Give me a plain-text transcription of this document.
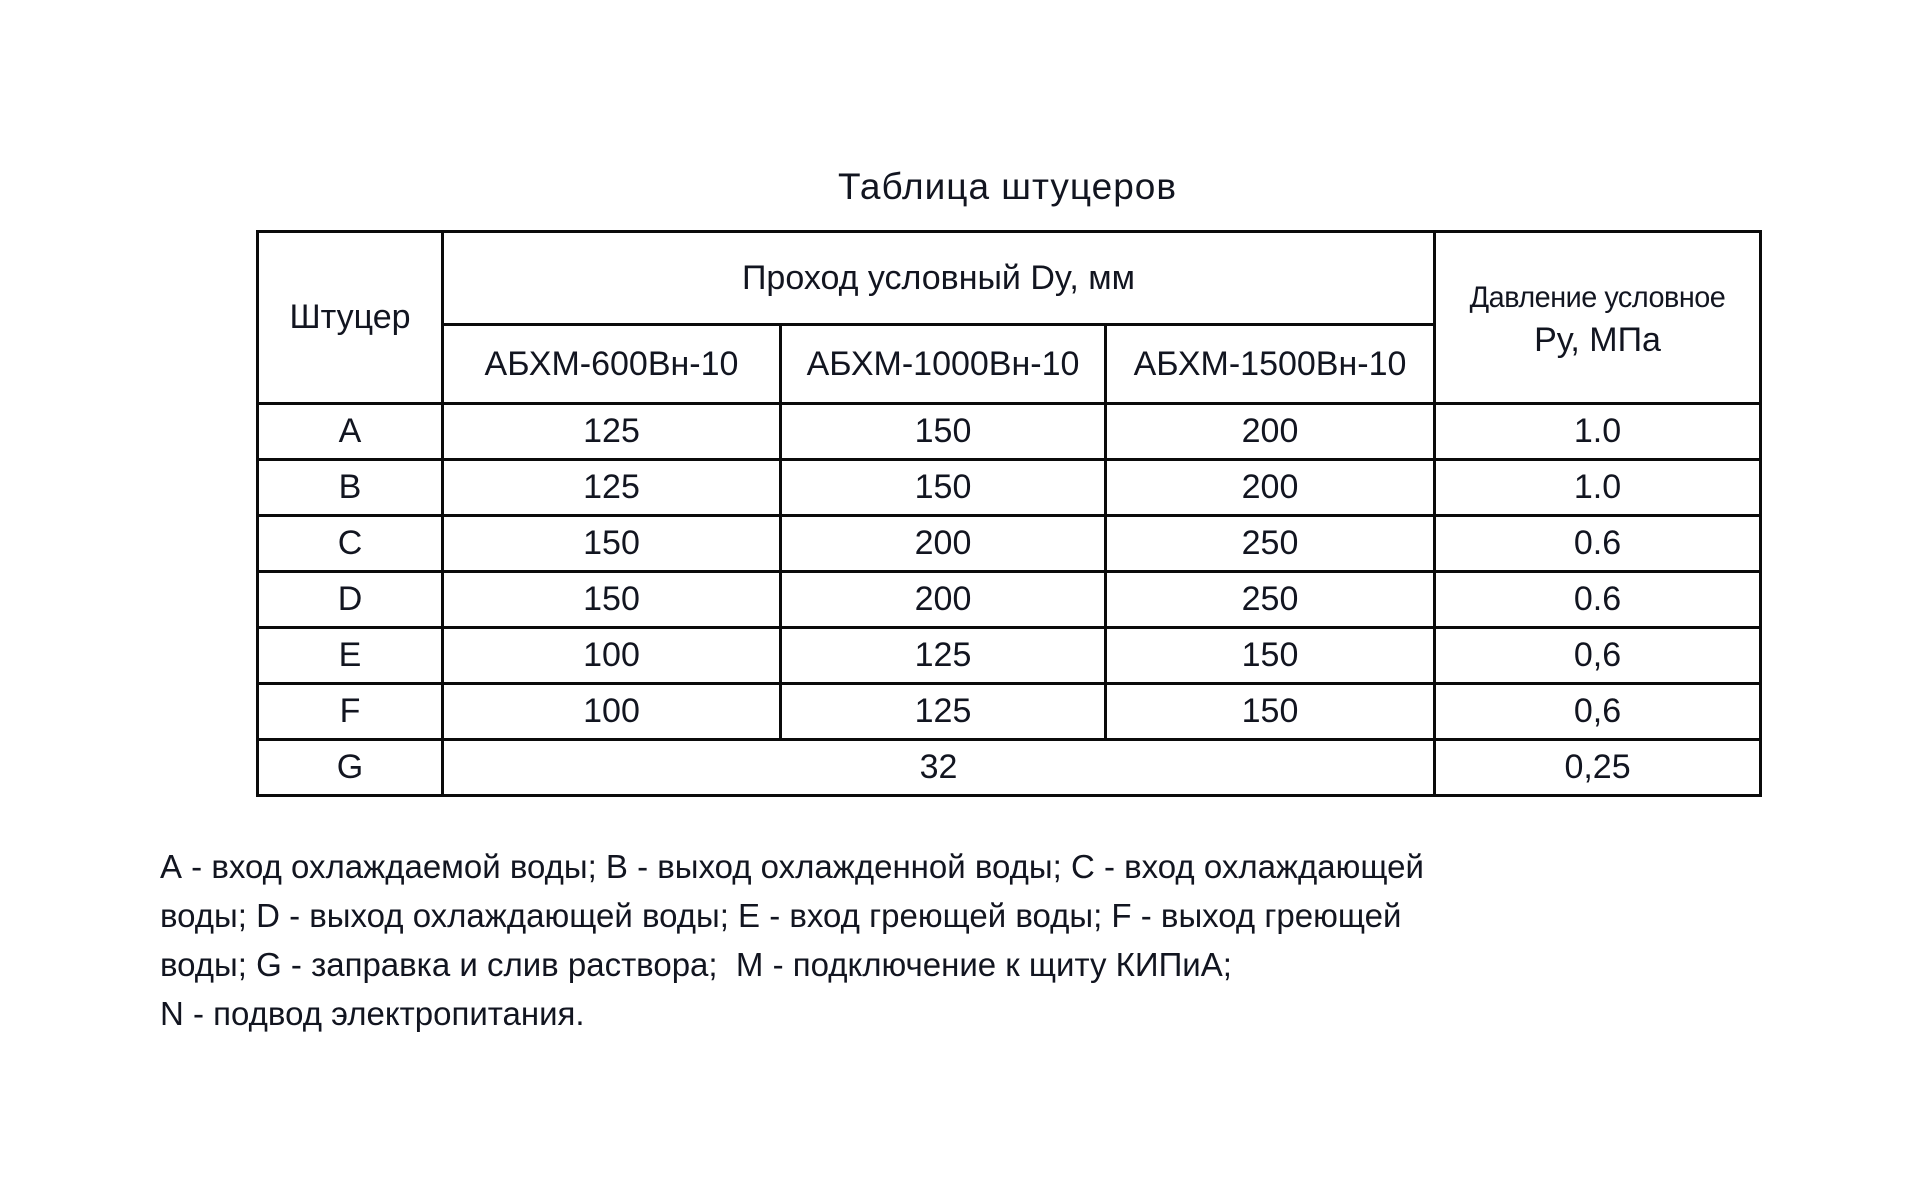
Таблица штуцеров
Штуцер	Проход условный Dy, мм			Давление условное
Ру, МПа

	АБХМ-600Вн-10	АБХМ-1000Вн-10	АБХМ-1500Вн-10	
A	125	150	200	1.0
B	125	150	200	1.0
C	150	200	250	0.6
D	150	200	250	0.6
E	100	125	150	0,6
F	100	125	150	0,6
G	32			0,25
А - вход охлаждаемой воды; В - выход охлажденной воды; С - вход охлаждающей
воды; D - выход охлаждающей воды; Е - вход греющей воды; F - выход греющей
воды; G - заправка и слив раствора;  М - подключение к щиту КИПиА;
N - подвод электропитания.
